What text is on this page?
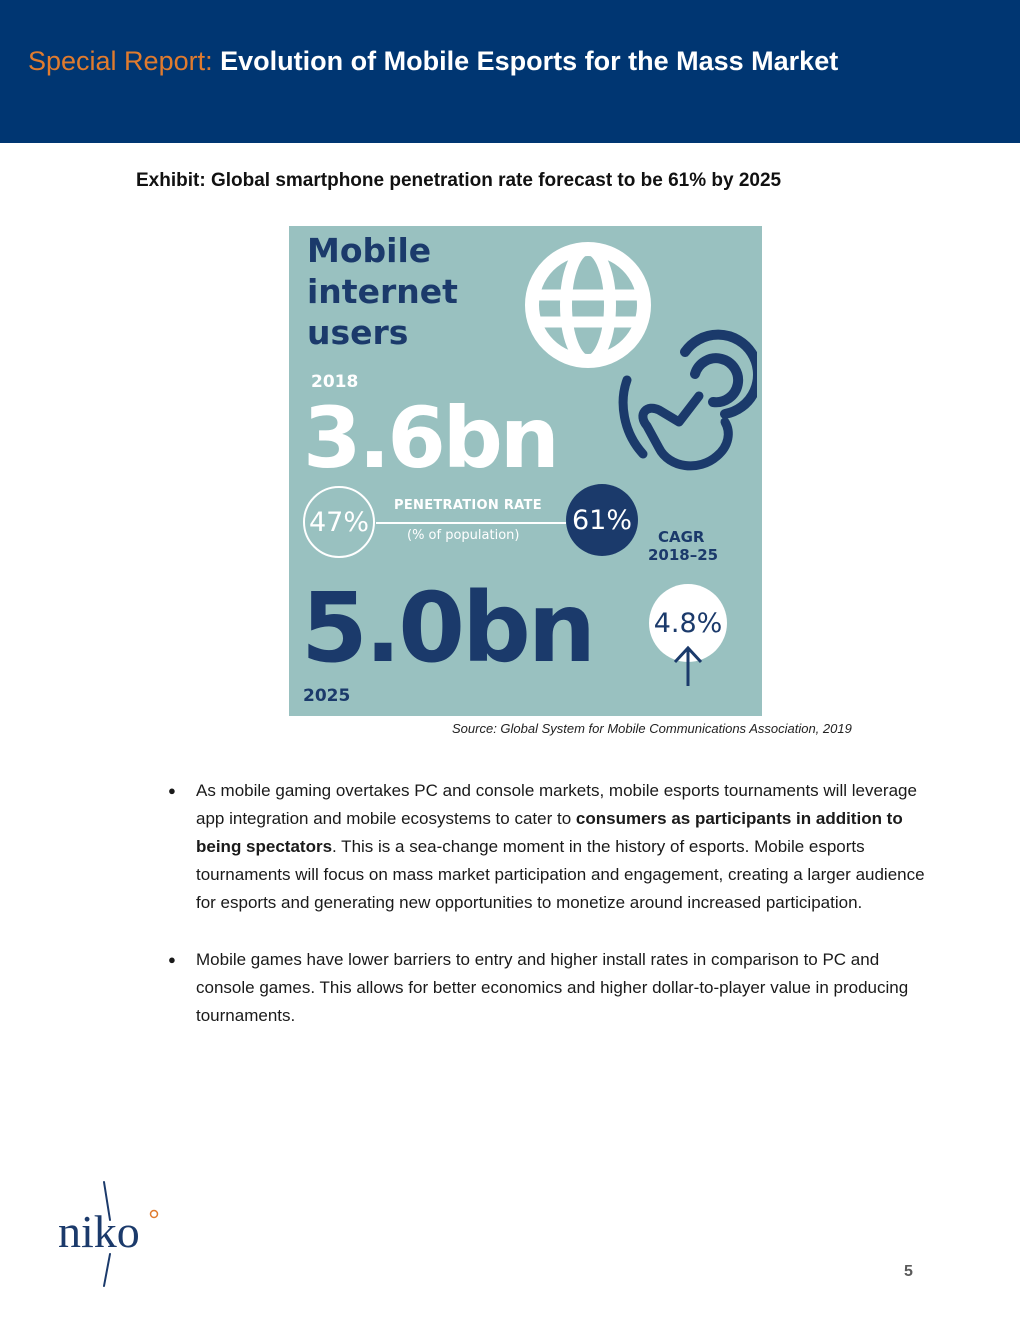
Special Report: Evolution of Mobile Esports for the Mass Market
Exhibit: Global smartphone penetration rate forecast to be 61% by 2025
Mobile
internet
users
2018
3.6bn
47%
PENETRATION RATE
(% of population) 61%
CAGR
2018–25
5.0bn 4.8%
2025
Source: Global System for Mobile Communications Association, 2019
● As mobile gaming overtakes PC and console markets, mobile esports tournaments will leverage app integration and mobile ecosystems to cater to consumers as participants in addition to being spectators. This is a sea-change moment in the history of esports. Mobile esports tournaments will focus on mass market participation and engagement, creating a larger audience for esports and generating new opportunities to monetize around increased participation.
● Mobile games have lower barriers to entry and higher install rates in comparison to PC and console games. This allows for better economics and higher dollar-to-player value in producing tournaments.
niko
5
